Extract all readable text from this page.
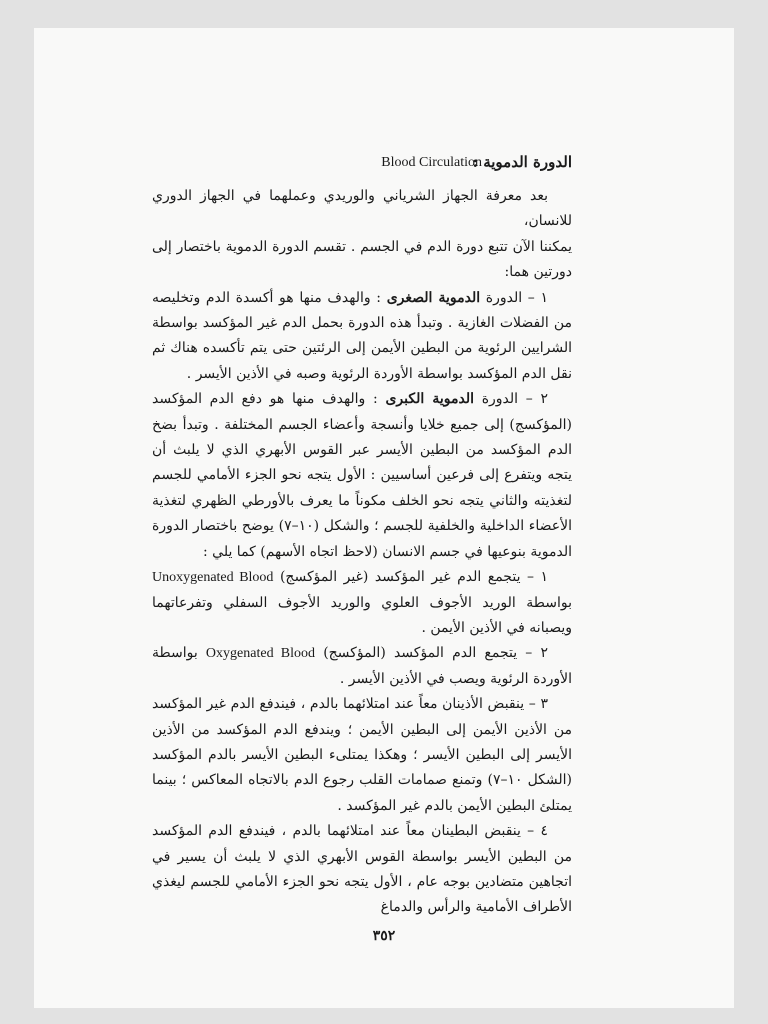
الدورة الدموية :
Blood Circulation

بعد معرفة الجهاز الشرياني والوريدي وعملهما في الجهاز الدوري للانسان،

يمكننا الآن تتبع دورة الدم في الجسم . تقسم الدورة الدموية باختصار إلى دورتين هما:

١ – الدورة الدموية الصغرى : والهدف منها هو أكسدة الدم وتخليصه من الفضلات الغازية . وتبدأ هذه الدورة بحمل الدم غير المؤكسد بواسطة الشرايين الرئوية من البطين الأيمن إلى الرئتين حتى يتم تأكسده هناك ثم نقل الدم المؤكسد بواسطة الأوردة الرئوية وصبه في الأذين الأيسر .

٢ – الدورة الدموية الكبرى : والهدف منها هو دفع الدم المؤكسد (المؤكسج) إلى جميع خلايا وأنسجة وأعضاء الجسم المختلفة . وتبدأ بضخ الدم المؤكسد من البطين الأيسر عبر القوس الأبهري الذي لا يلبث أن يتجه ويتفرع إلى فرعين أساسيين : الأول يتجه نحو الجزء الأمامي للجسم لتغذيته والثاني يتجه نحو الخلف مكوناً ما يعرف بالأورطي الظهري لتغذية الأعضاء الداخلية والخلفية للجسم ؛ والشكل (١٠–٧) يوضح باختصار الدورة الدموية بنوعيها في جسم الانسان (لاحظ اتجاه الأسهم) كما يلي :

١ – يتجمع الدم غير المؤكسد (غير المؤكسج) Unoxygenated Blood بواسطة الوريد الأجوف العلوي والوريد الأجوف السفلي وتفرعاتهما ويصبانه في الأذين الأيمن .

٢ – يتجمع الدم المؤكسد (المؤكسج) Oxygenated Blood بواسطة الأوردة الرئوية ويصب في الأذين الأيسر .

٣ – ينقبض الأذينان معاً عند امتلائهما بالدم ، فيندفع الدم غير المؤكسد من الأذين الأيمن إلى البطين الأيمن ؛ ويندفع الدم المؤكسد من الأذين الأيسر إلى البطين الأيسر ؛ وهكذا يمتلىء البطين الأيسر بالدم المؤكسد (الشكل ١٠–٧) وتمنع صمامات القلب رجوع الدم بالاتجاه المعاكس ؛ بينما يمتلئ البطين الأيمن بالدم غير المؤكسد .

٤ – ينقبض البطينان معاً عند امتلائهما بالدم ، فيندفع الدم المؤكسد من البطين الأيسر بواسطة القوس الأبهري الذي لا يلبث أن يسير في اتجاهين متضادين بوجه عام ، الأول يتجه نحو الجزء الأمامي للجسم ليغذي الأطراف الأمامية والرأس والدماغ

٣٥٢
